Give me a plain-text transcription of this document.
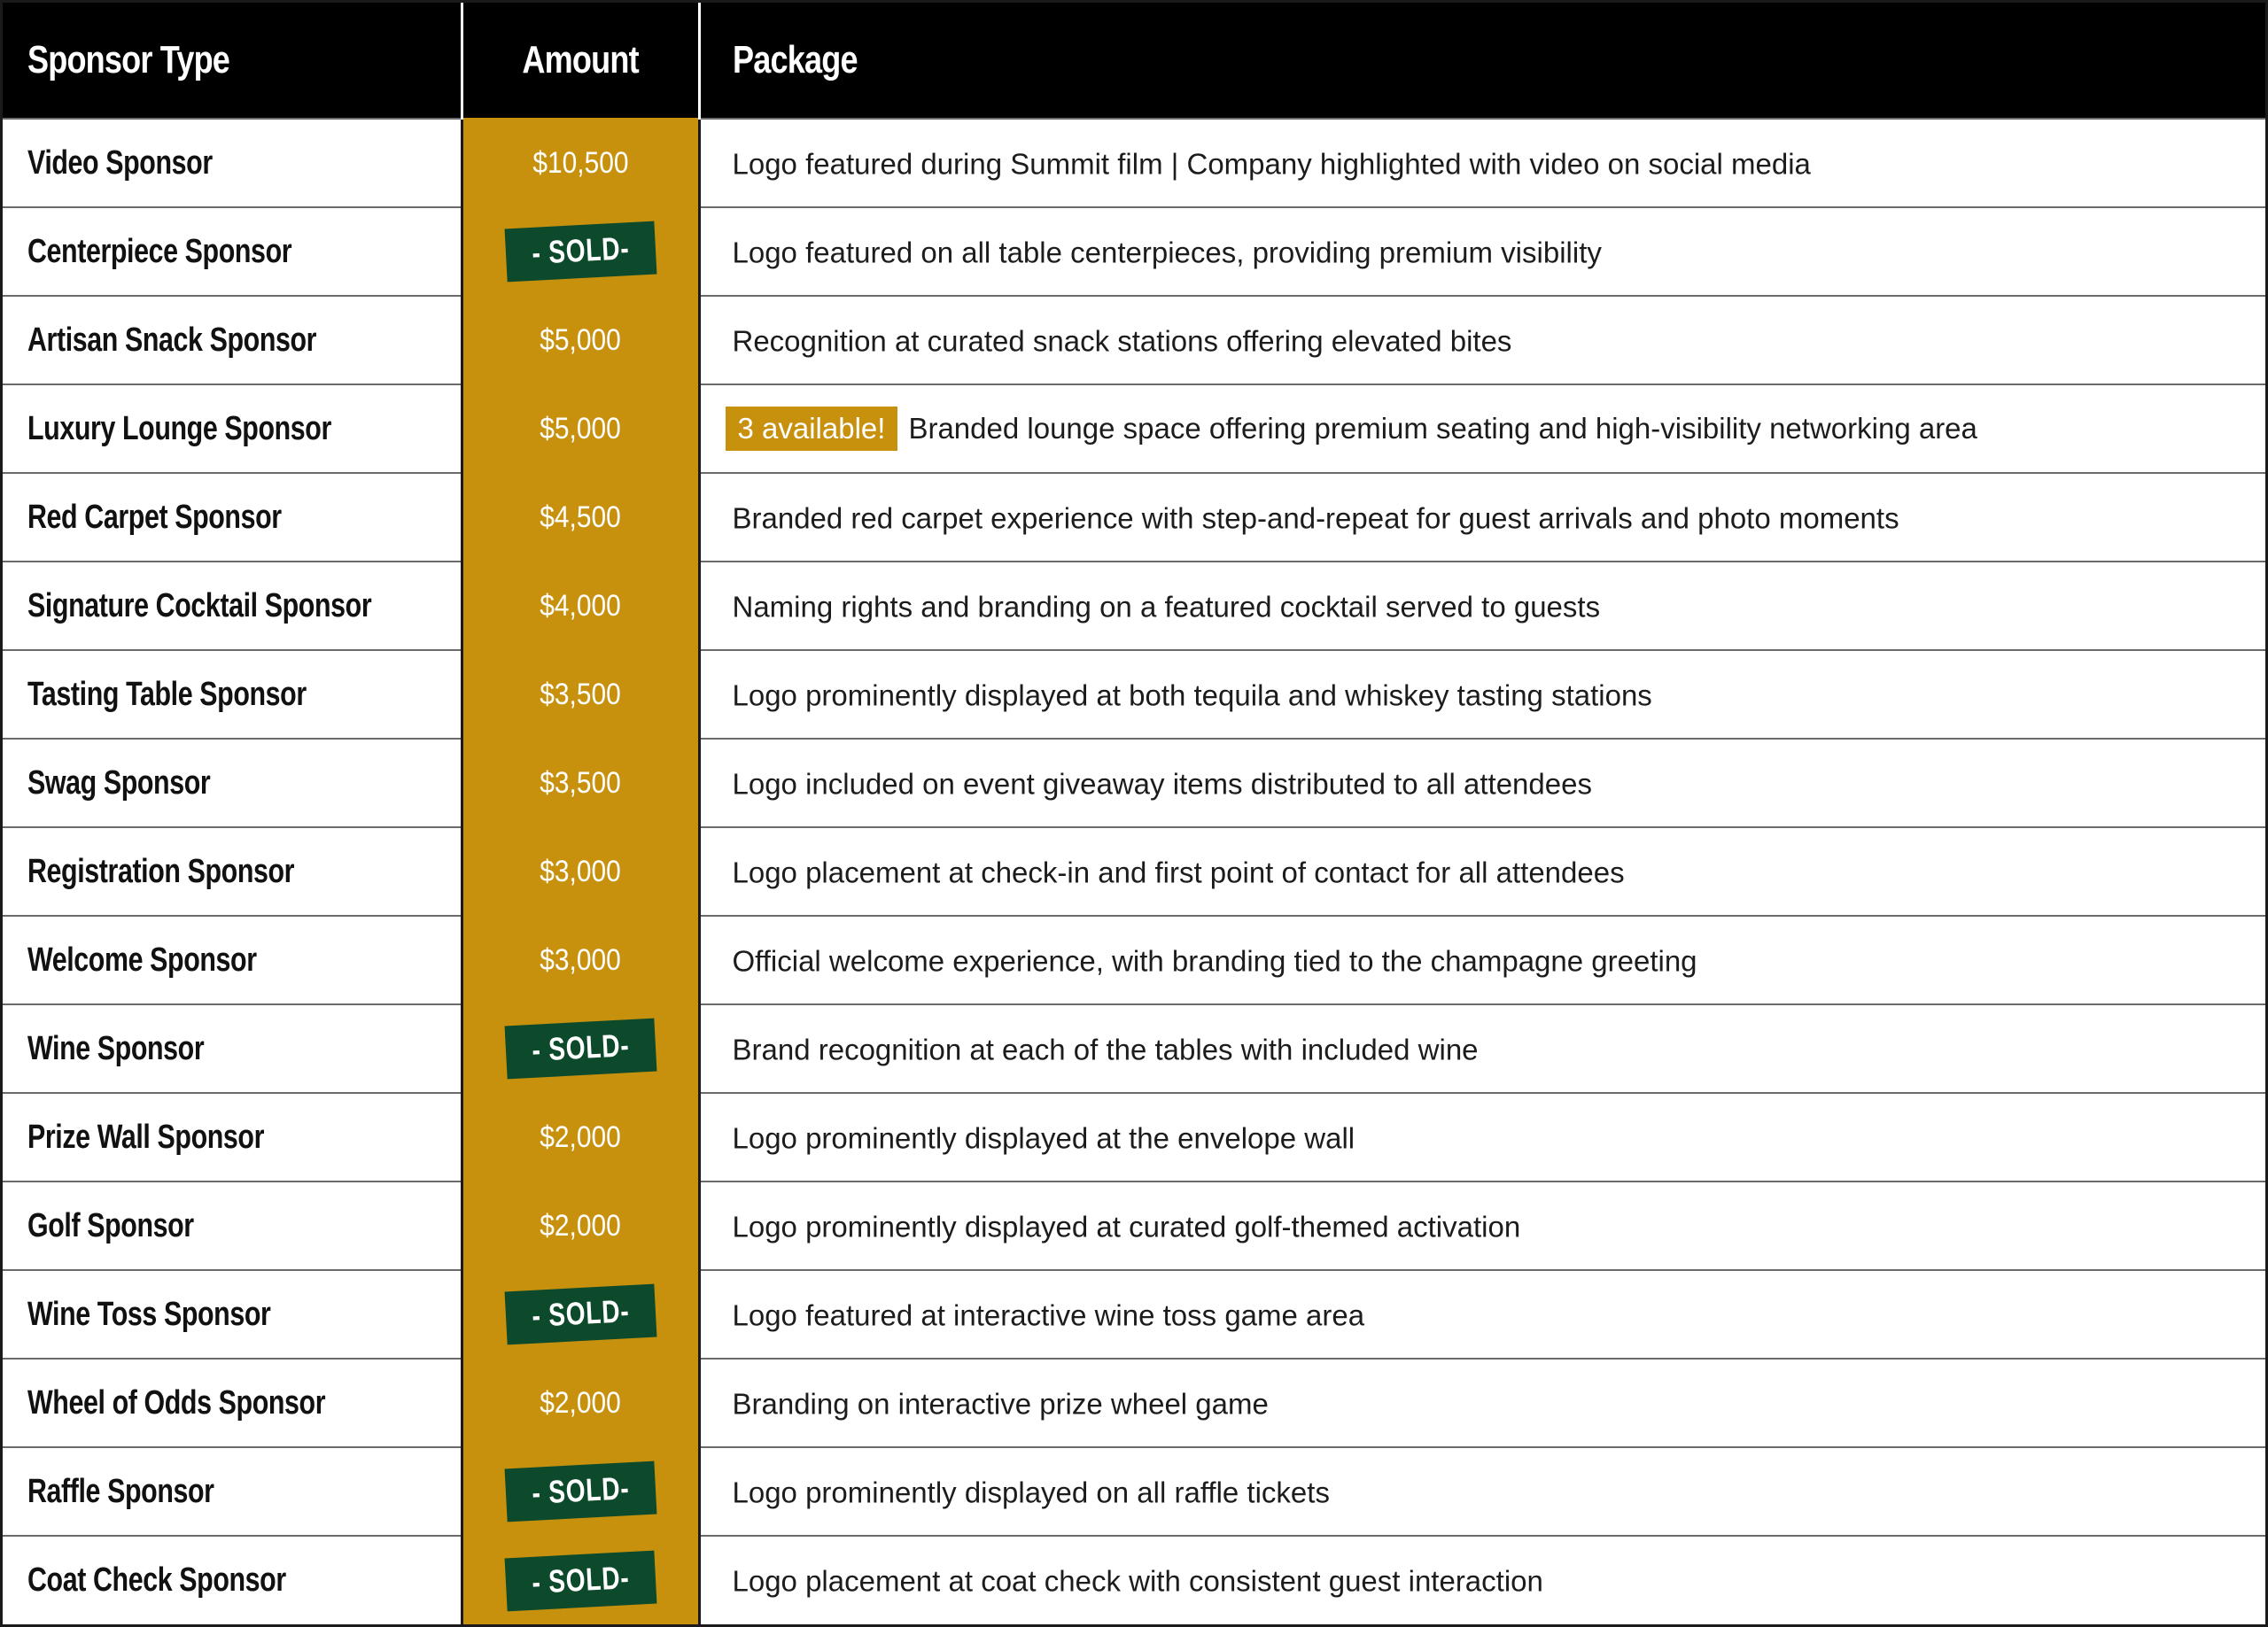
Sponsor Type	Amount	Package
Video Sponsor	$10,500	Logo featured during Summit film | Company highlighted with video on social media
Centerpiece Sponsor	- SOLD-	Logo featured on all table centerpieces, providing premium visibility
Artisan Snack Sponsor	$5,000	Recognition at curated snack stations offering elevated bites
Luxury Lounge Sponsor	$5,000	3 available! Branded lounge space offering premium seating and high-visibility networking area
Red Carpet Sponsor	$4,500	Branded red carpet experience with step-and-repeat for guest arrivals and photo moments
Signature Cocktail Sponsor	$4,000	Naming rights and branding on a featured cocktail served to guests
Tasting Table Sponsor	$3,500	Logo prominently displayed at both tequila and whiskey tasting stations
Swag Sponsor	$3,500	Logo included on event giveaway items distributed to all attendees
Registration Sponsor	$3,000	Logo placement at check-in and first point of contact for all attendees
Welcome Sponsor	$3,000	Official welcome experience, with branding tied to the champagne greeting
Wine Sponsor	- SOLD-	Brand recognition at each of the tables with included wine
Prize Wall Sponsor	$2,000	Logo prominently displayed at the envelope wall
Golf Sponsor	$2,000	Logo prominently displayed at curated golf-themed activation
Wine Toss Sponsor	- SOLD-	Logo featured at interactive wine toss game area
Wheel of Odds Sponsor	$2,000	Branding on interactive prize wheel game
Raffle Sponsor	- SOLD-	Logo prominently displayed on all raffle tickets
Coat Check Sponsor	- SOLD-	Logo placement at coat check with consistent guest interaction
